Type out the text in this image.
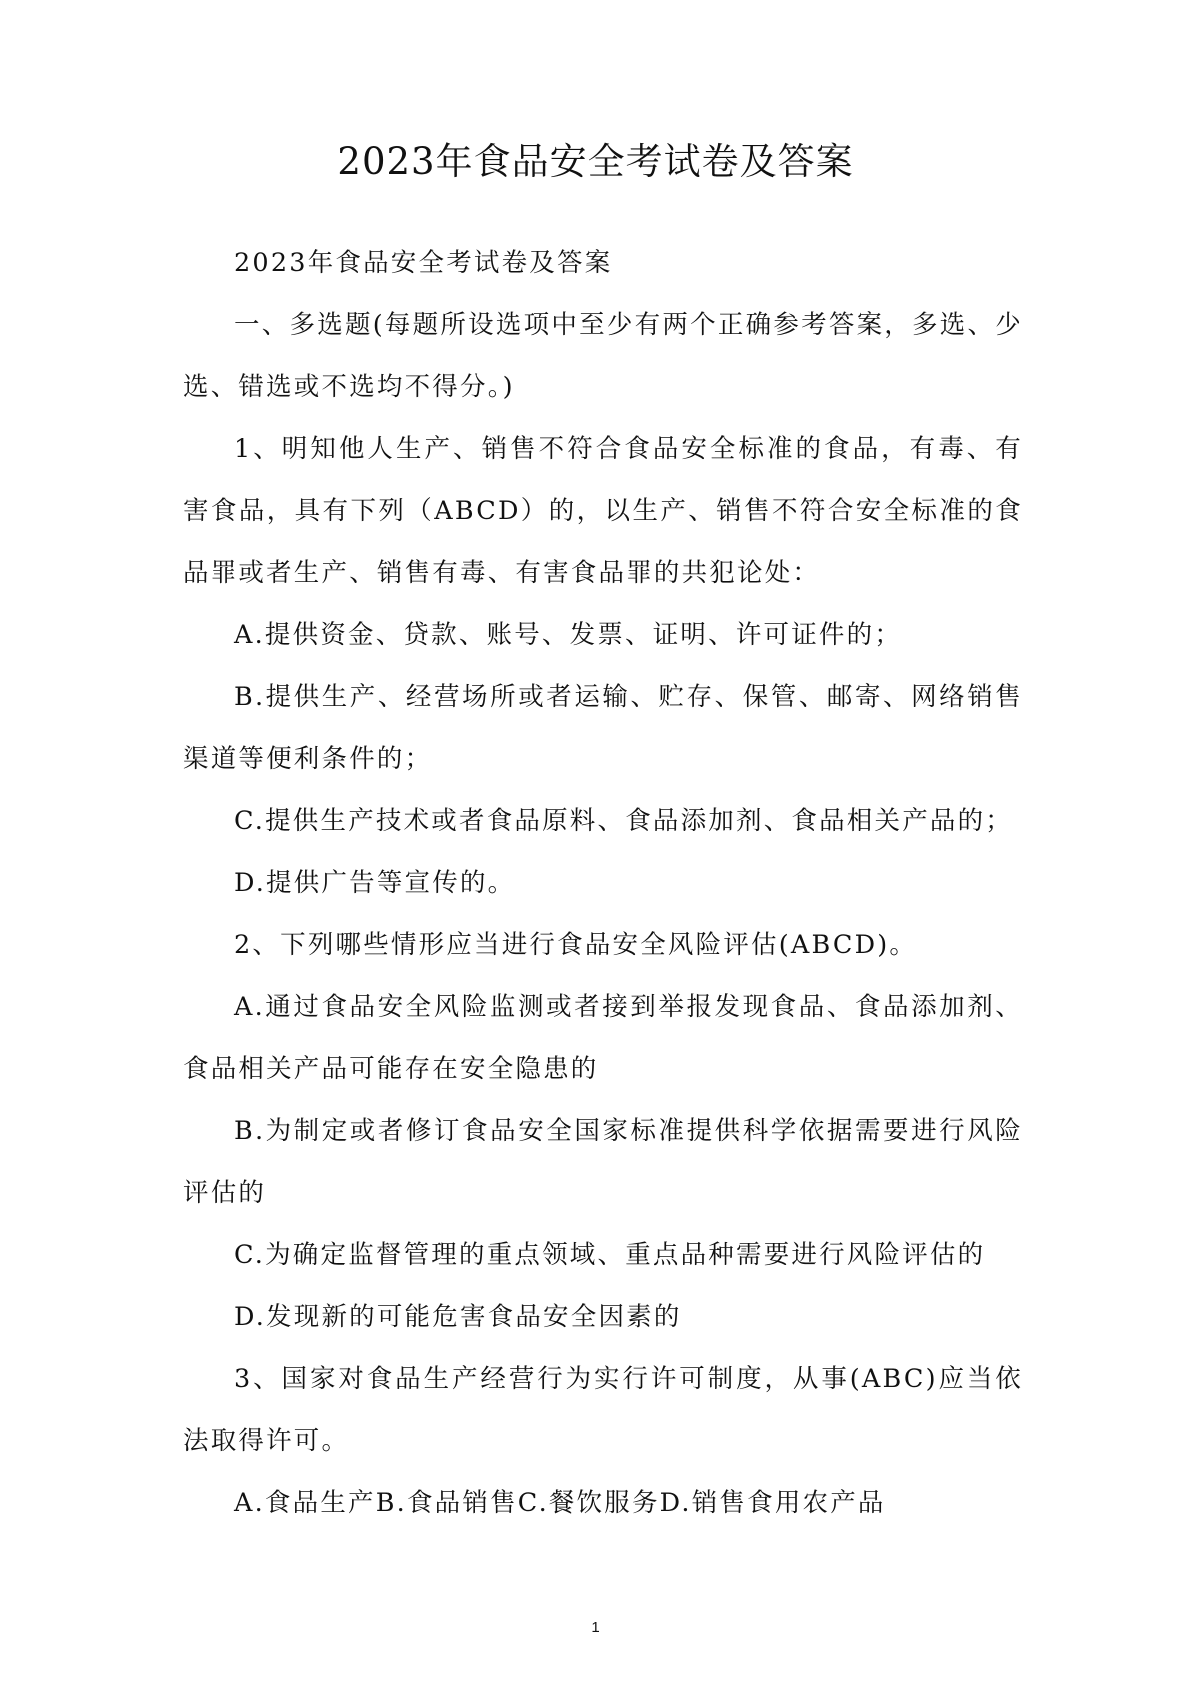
2023年食品安全考试卷及答案

2023年食品安全考试卷及答案

一、多选题(每题所设选项中至少有两个正确参考答案，多选、少选、错选或不选均不得分。)

1、明知他人生产、销售不符合食品安全标准的食品，有毒、有害食品，具有下列（ABCD）的，以生产、销售不符合安全标准的食品罪或者生产、销售有毒、有害食品罪的共犯论处：

A.提供资金、贷款、账号、发票、证明、许可证件的；

B.提供生产、经营场所或者运输、贮存、保管、邮寄、网络销售渠道等便利条件的；

C.提供生产技术或者食品原料、食品添加剂、食品相关产品的；

D.提供广告等宣传的。

2、下列哪些情形应当进行食品安全风险评估(ABCD)。

A.通过食品安全风险监测或者接到举报发现食品、食品添加剂、食品相关产品可能存在安全隐患的

B.为制定或者修订食品安全国家标准提供科学依据需要进行风险评估的

C.为确定监督管理的重点领域、重点品种需要进行风险评估的

D.发现新的可能危害食品安全因素的

3、国家对食品生产经营行为实行许可制度，从事(ABC)应当依法取得许可。

A.食品生产B.食品销售C.餐饮服务D.销售食用农产品

1
